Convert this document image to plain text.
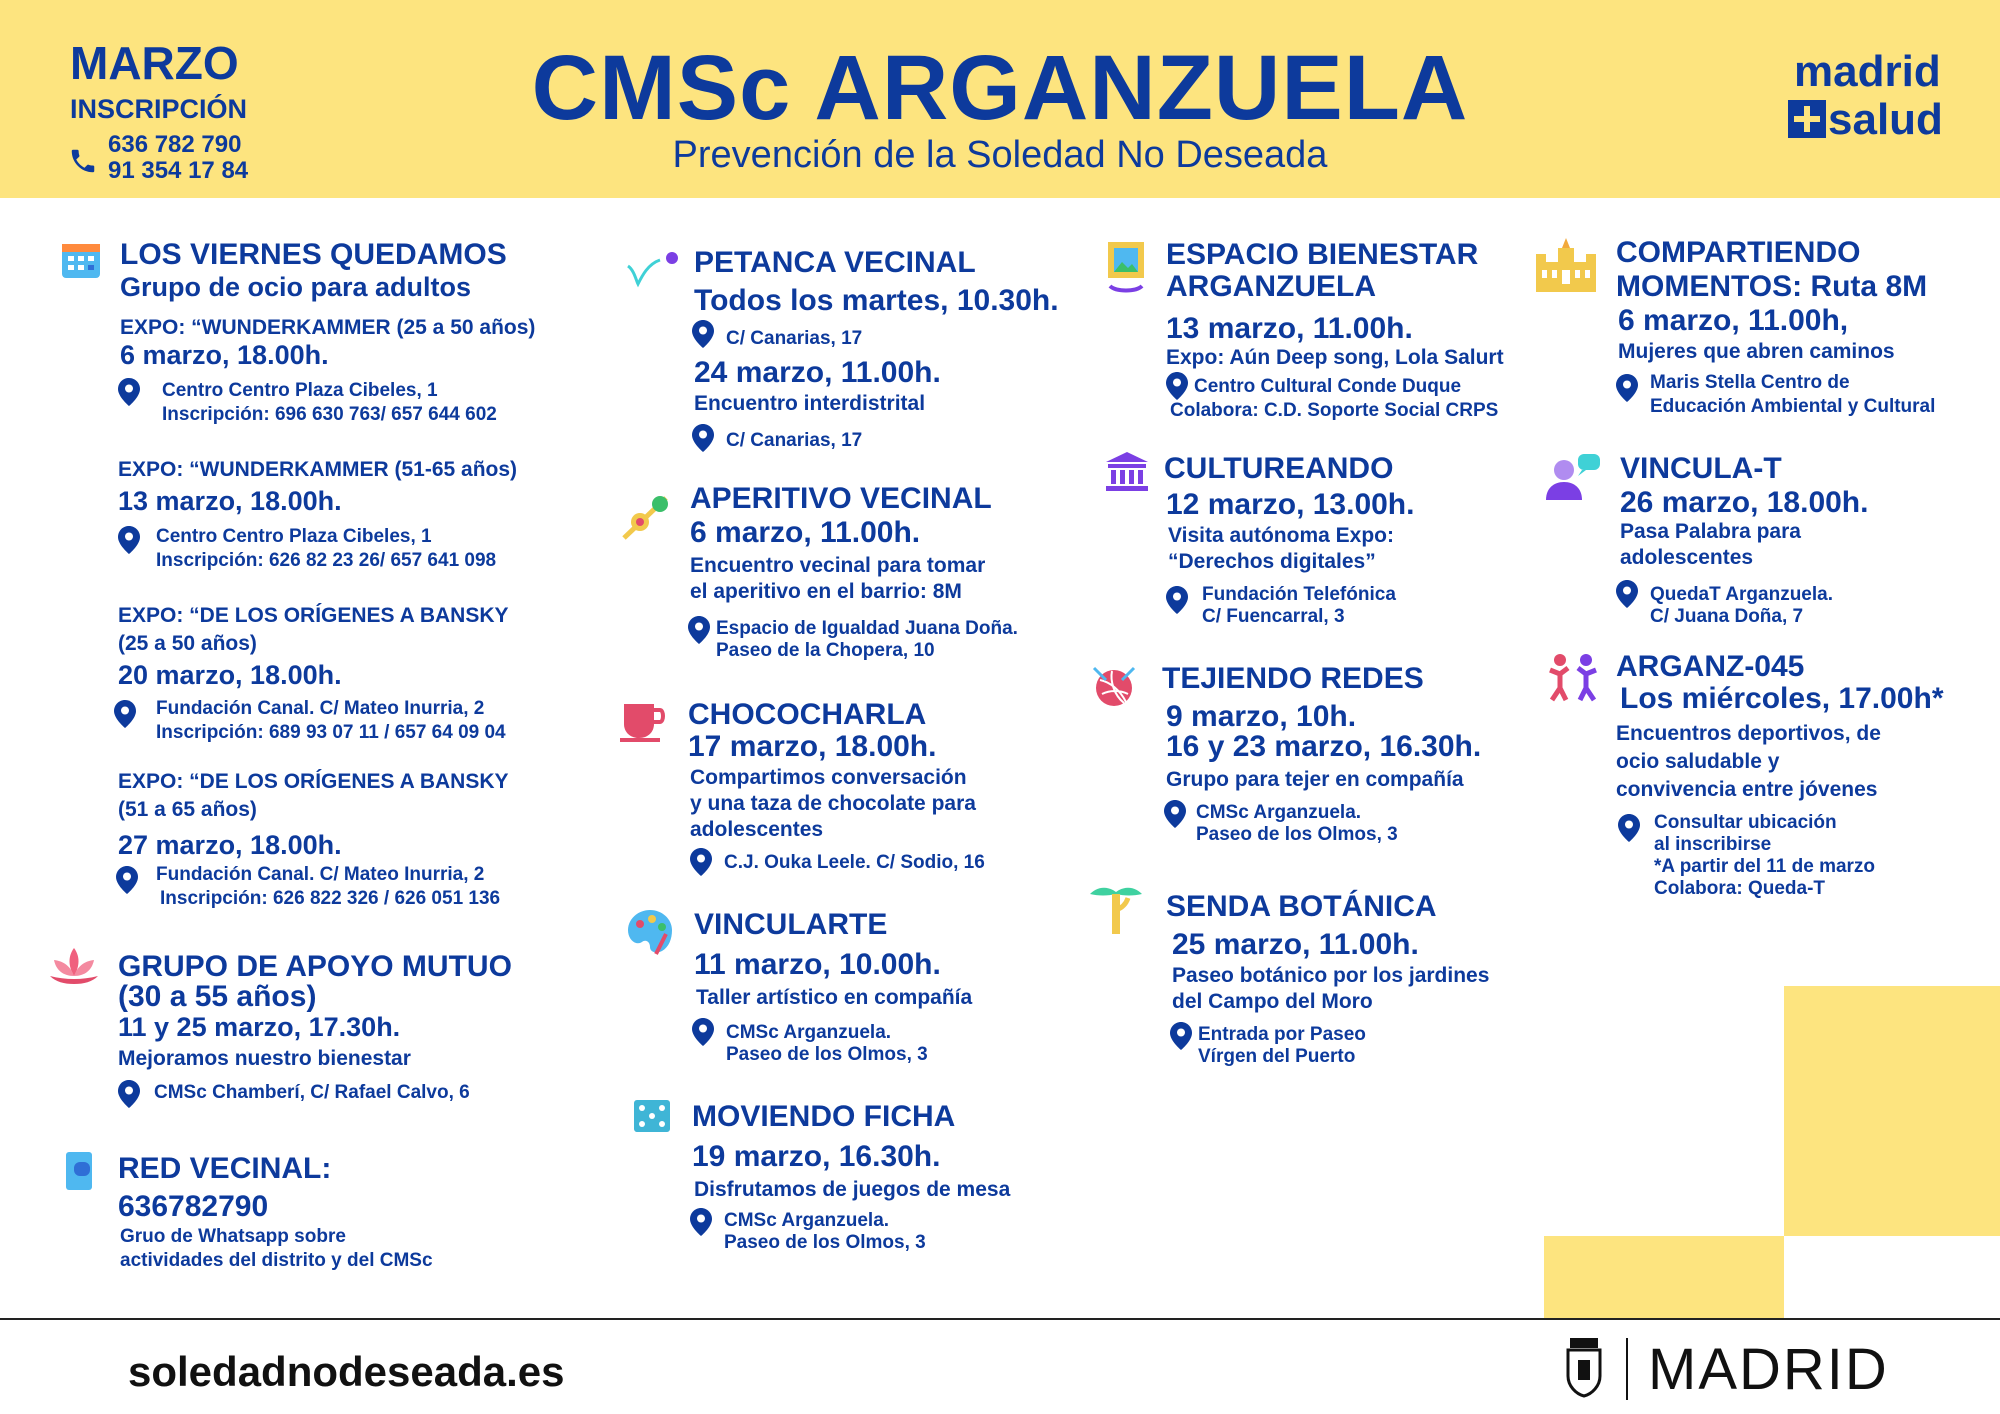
MARZO
INSCRIPCIÓN
636 782 790
91 354 17 84
CMSc ARGANZUELA
Prevención de la Soledad No Deseada
madrid
salud
LOS VIERNES QUEDAMOS
Grupo de ocio para adultos
EXPO: “WUNDERKAMMER (25 a 50 años)
6 marzo, 18.00h.
Centro Centro Plaza Cibeles, 1
Inscripción: 696 630 763/ 657 644 602
EXPO: “WUNDERKAMMER (51-65 años)
13 marzo, 18.00h.
Centro Centro Plaza Cibeles, 1
Inscripción: 626 82 23 26/ 657 641 098
EXPO: “DE LOS ORÍGENES A BANSKY
(25 a 50 años)
20 marzo, 18.00h.
Fundación Canal. C/ Mateo Inurria, 2
Inscripción: 689 93 07 11 / 657 64 09 04
EXPO: “DE LOS ORÍGENES A BANSKY
(51 a 65 años)
27 marzo, 18.00h.
Fundación Canal. C/ Mateo Inurria, 2
Inscripción: 626 822 326 / 626 051 136
GRUPO DE APOYO MUTUO
(30 a 55 años)
11 y 25 marzo, 17.30h.
Mejoramos nuestro bienestar
CMSc Chamberí, C/ Rafael Calvo, 6
RED VECINAL:
636782790
Gruo de Whatsapp sobre
actividades del distrito y del CMSc
PETANCA VECINAL
Todos los martes, 10.30h.
C/ Canarias, 17
24 marzo, 11.00h.
Encuentro interdistrital
C/ Canarias, 17
APERITIVO VECINAL
6 marzo, 11.00h.
Encuentro vecinal para tomar
el aperitivo en el barrio: 8M
Espacio de Igualdad Juana Doña.
Paseo de la Chopera, 10
CHOCOCHARLA
17 marzo, 18.00h.
Compartimos conversación
y una taza de chocolate para
adolescentes
C.J. Ouka Leele. C/ Sodio, 16
VINCULARTE
11 marzo, 10.00h.
Taller artístico en compañía
CMSc Arganzuela.
Paseo de los Olmos, 3
MOVIENDO FICHA
19 marzo, 16.30h.
Disfrutamos de juegos de mesa
CMSc Arganzuela.
Paseo de los Olmos, 3
ESPACIO BIENESTAR
ARGANZUELA
13 marzo, 11.00h.
Expo: Aún Deep song, Lola Salurt
Centro Cultural Conde Duque
Colabora: C.D. Soporte Social CRPS
CULTUREANDO
12 marzo, 13.00h.
Visita autónoma Expo:
“Derechos digitales”
Fundación Telefónica
C/ Fuencarral, 3
TEJIENDO REDES
9 marzo, 10h.
16 y 23 marzo, 16.30h.
Grupo para tejer en compañía
CMSc Arganzuela.
Paseo de los Olmos, 3
SENDA BOTÁNICA
25 marzo, 11.00h.
Paseo botánico por los jardines
del Campo del Moro
Entrada por Paseo
Vírgen del Puerto
COMPARTIENDO
MOMENTOS: Ruta 8M
6 marzo, 11.00h,
Mujeres que abren caminos
Maris Stella Centro de
Educación Ambiental y Cultural
VINCULA-T
26 marzo, 18.00h.
Pasa Palabra para
adolescentes
QuedaT Arganzuela.
C/ Juana Doña, 7
ARGANZ-045
Los miércoles, 17.00h*
Encuentros deportivos, de
ocio saludable y
convivencia entre jóvenes
Consultar ubicación
al inscribirse
*A partir del 11 de marzo
Colabora: Queda-T
soledadnodeseada.es	MADRID
